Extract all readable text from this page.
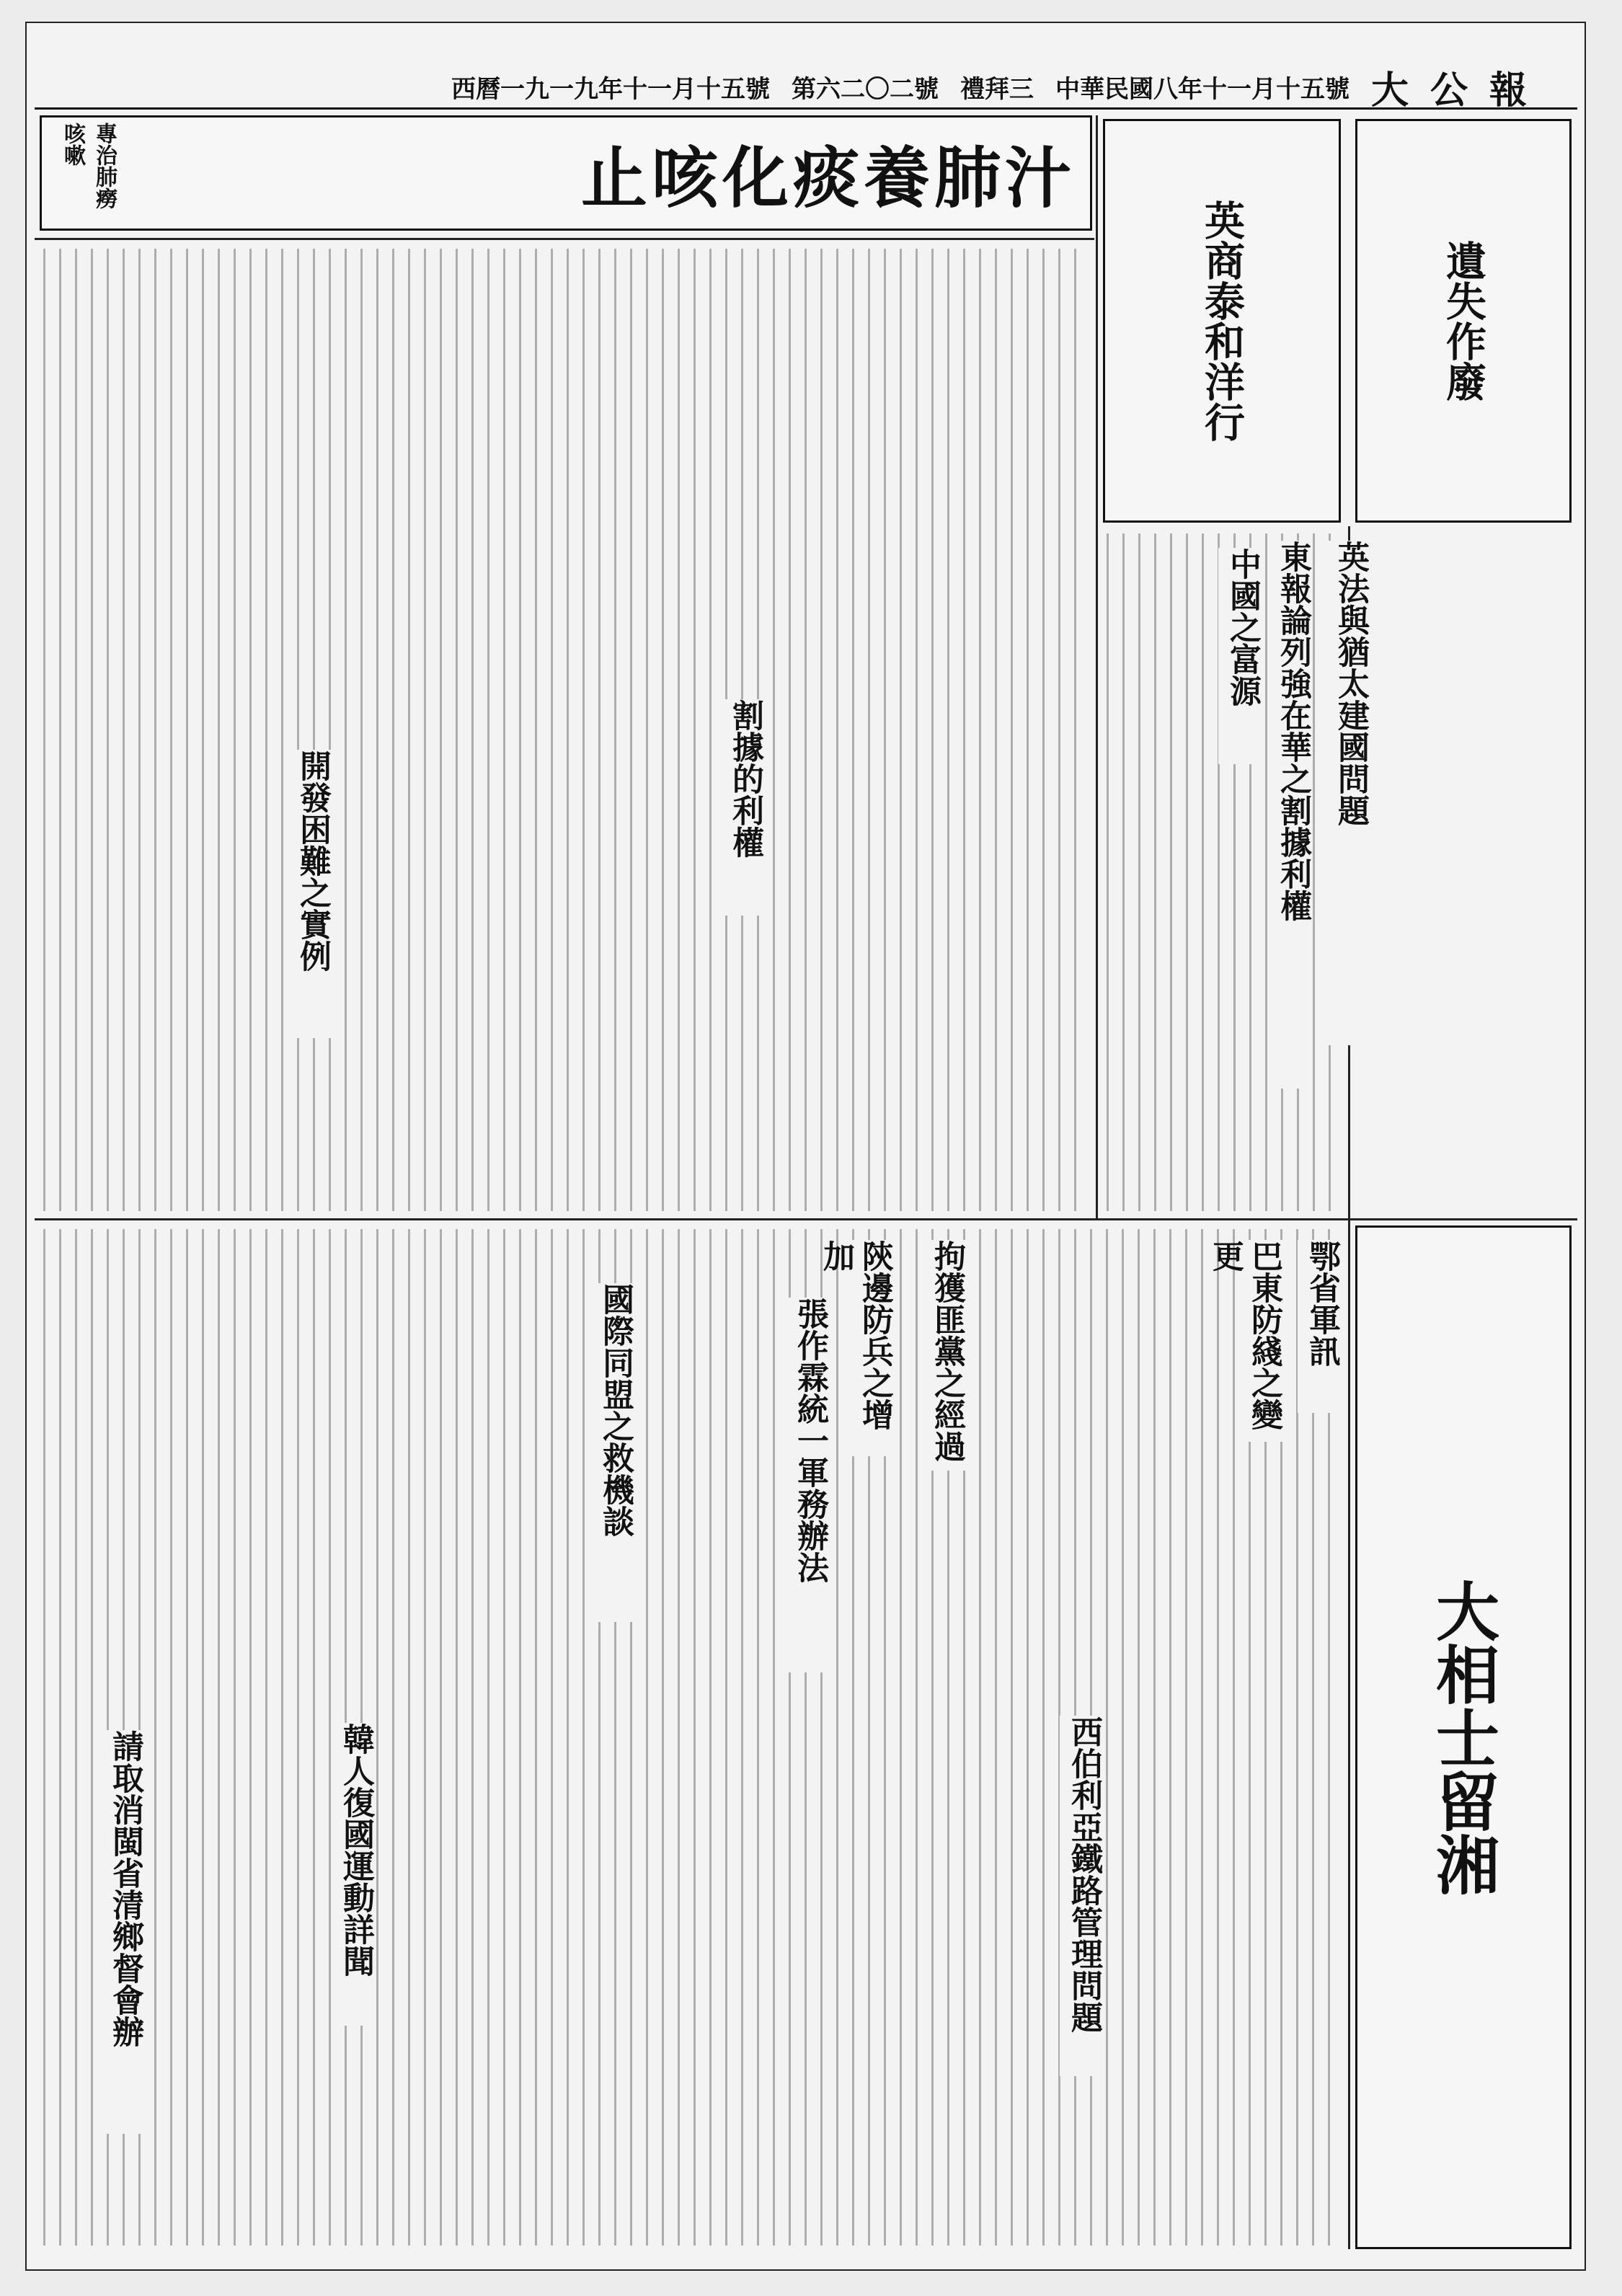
大公報
中華民國八年十一月十五號
禮拜三
第六二〇二號
西曆一九一九年十一月十五號
止咳化痰養肺汁
專治肺癆咳嗽
遺失作廢
英商泰和洋行
大相士留湘
英法與猶太建國問題
東報論列強在華之割據利權
割據的利權
中國之富源
開發困難之實例
西伯利亞鐵路管理問題
國際同盟之救機談	張作霖統一軍務辦法
韓人復國運動詳聞
請取消閩省清鄉督會辦
陝邊防兵之增加	拘獲匪黨之經過	鄂省軍訊
巴東防綫之變更
